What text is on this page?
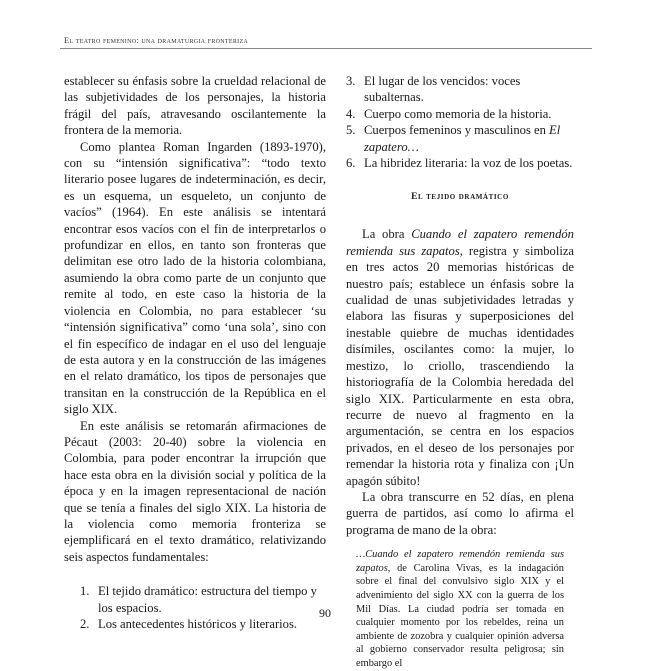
El teatro femenino: una dramaturgia fronteriza

establecer su énfasis sobre la crueldad relacional de las subjetividades de los personajes, la historia frágil del país, atravesando oscilantemente la frontera de la memoria.

Como plantea Roman Ingarden (1893-1970), con su “intensión significativa”: “todo texto literario posee lugares de indeterminación, es decir, es un esquema, un esqueleto, un conjunto de vacíos” (1964). En este análisis se intentará encontrar esos vacíos con el fin de interpretarlos o profundizar en ellos, en tanto son fronteras que delimitan ese otro lado de la historia colombiana, asumiendo la obra como parte de un conjunto que remite al todo, en este caso la historia de la violencia en Colombia, no para establecer ‘su “intensión significativa” como ‘una sola’, sino con el fin específico de indagar en el uso del lenguaje de esta autora y en la construcción de las imágenes en el relato dramático, los tipos de personajes que transitan en la construcción de la República en el siglo XIX.

En este análisis se retomarán afirmaciones de Pécaut (2003: 20-40) sobre la violencia en Colombia, para poder encontrar la irrupción que hace esta obra en la división social y política de la época y en la imagen representacional de nación que se tenía a finales del siglo XIX. La historia de la violencia como memoria fronteriza se ejemplificará en el texto dramático, relativizando seis aspectos fundamentales:

1. El tejido dramático: estructura del tiempo y los espacios.
2. Los antecedentes históricos y literarios.
3. El lugar de los vencidos: voces subalternas.
4. Cuerpo como memoria de la historia.
5. Cuerpos femeninos y masculinos en El zapatero…
6. La hibridez literaria: la voz de los poetas.
El tejido dramático

La obra Cuando el zapatero remendón remienda sus zapatos, registra y simboliza en tres actos 20 memorias históricas de nuestro país; establece un énfasis sobre la cualidad de unas subjetividades letradas y elabora las fisuras y superposiciones del inestable quiebre de muchas identidades disímiles, oscilantes como: la mujer, lo mestizo, lo criollo, trascendiendo la historiografía de la Colombia heredada del siglo XIX. Particularmente en esta obra, recurre de nuevo al fragmento en la argumentación, se centra en los espacios privados, en el deseo de los personajes por remendar la historia rota y finaliza con ¡Un apagón súbito!

La obra transcurre en 52 días, en plena guerra de partidos, así como lo afirma el programa de mano de la obra:

…Cuando el zapatero remendón remienda sus zapatos, de Carolina Vivas, es la indagación sobre el final del convulsivo siglo XIX y el advenimiento del siglo XX con la guerra de los Mil Días. La ciudad podría ser tomada en cualquier momento por los rebeldes, reina un ambiente de zozobra y cualquier opinión adversa al gobierno conservador resulta peligrosa; sin embargo el

90
